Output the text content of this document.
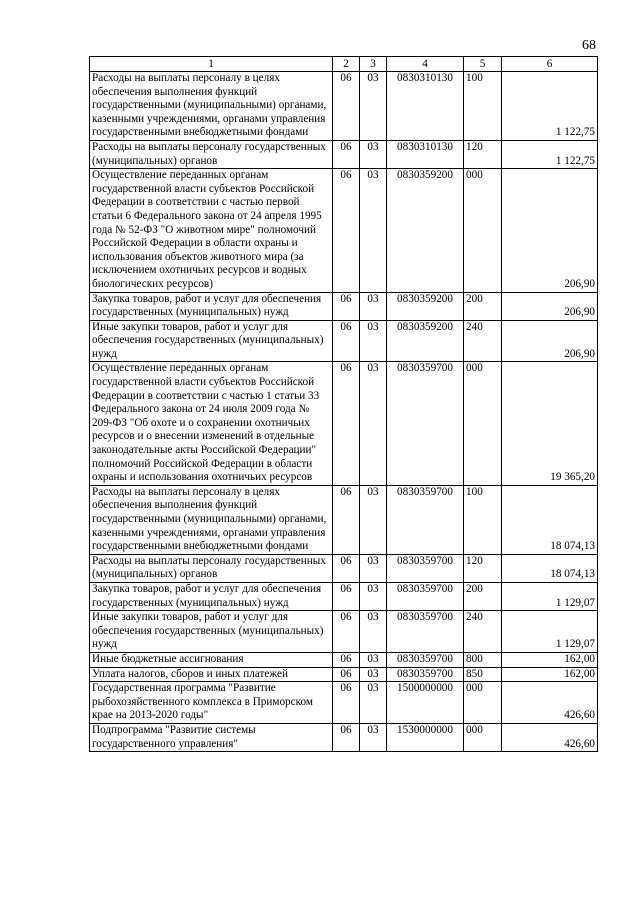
68
1	2	3	4	5	6
Расходы на выплаты персоналу в целях обеспечения выполнения функций государственными (муниципальными) органами, казенными учреждениями, органами управления государственными внебюджетными фондами	06	03	0830310130	100	1 122,75
Расходы на выплаты персоналу государственных (муниципальных) органов	06	03	0830310130	120	1 122,75
Осуществление переданных органам государственной власти субъектов Российской Федерации в соответствии с частью первой статьи 6 Федерального закона от 24 апреля 1995 года № 52-ФЗ "О животном мире" полномочий Российской Федерации в области охраны и использования объектов животного мира (за исключением охотничьих ресурсов и водных биологических ресурсов)	06	03	0830359200	000	206,90
Закупка товаров, работ и услуг для обеспечения государственных (муниципальных) нужд	06	03	0830359200	200	206,90
Иные закупки товаров, работ и услуг для обеспечения государственных (муниципальных) нужд	06	03	0830359200	240	206,90
Осуществление переданных органам государственной власти субъектов Российской Федерации в соответствии с частью 1 статьи 33 Федерального закона от 24 июля 2009 года № 209-ФЗ "Об охоте и о сохранении охотничьих ресурсов и о внесении изменений в отдельные законодательные акты Российской Федерации" полномочий Российской Федерации в области охраны и использования охотничьих ресурсов	06	03	0830359700	000	19 365,20
Расходы на выплаты персоналу в целях обеспечения выполнения функций государственными (муниципальными) органами, казенными учреждениями, органами управления государственными внебюджетными фондами	06	03	0830359700	100	18 074,13
Расходы на выплаты персоналу государственных (муниципальных) органов	06	03	0830359700	120	18 074,13
Закупка товаров, работ и услуг для обеспечения государственных (муниципальных) нужд	06	03	0830359700	200	1 129,07
Иные закупки товаров, работ и услуг для обеспечения государственных (муниципальных) нужд	06	03	0830359700	240	1 129,07
Иные бюджетные ассигнования	06	03	0830359700	800	162,00
Уплата налогов, сборов и иных платежей	06	03	0830359700	850	162,00
Государственная программа "Развитие рыбохозяйственного комплекса в Приморском крае на 2013-2020 годы"	06	03	1500000000	000	426,60
Подпрограмма "Развитие системы государственного управления"	06	03	1530000000	000	426,60
